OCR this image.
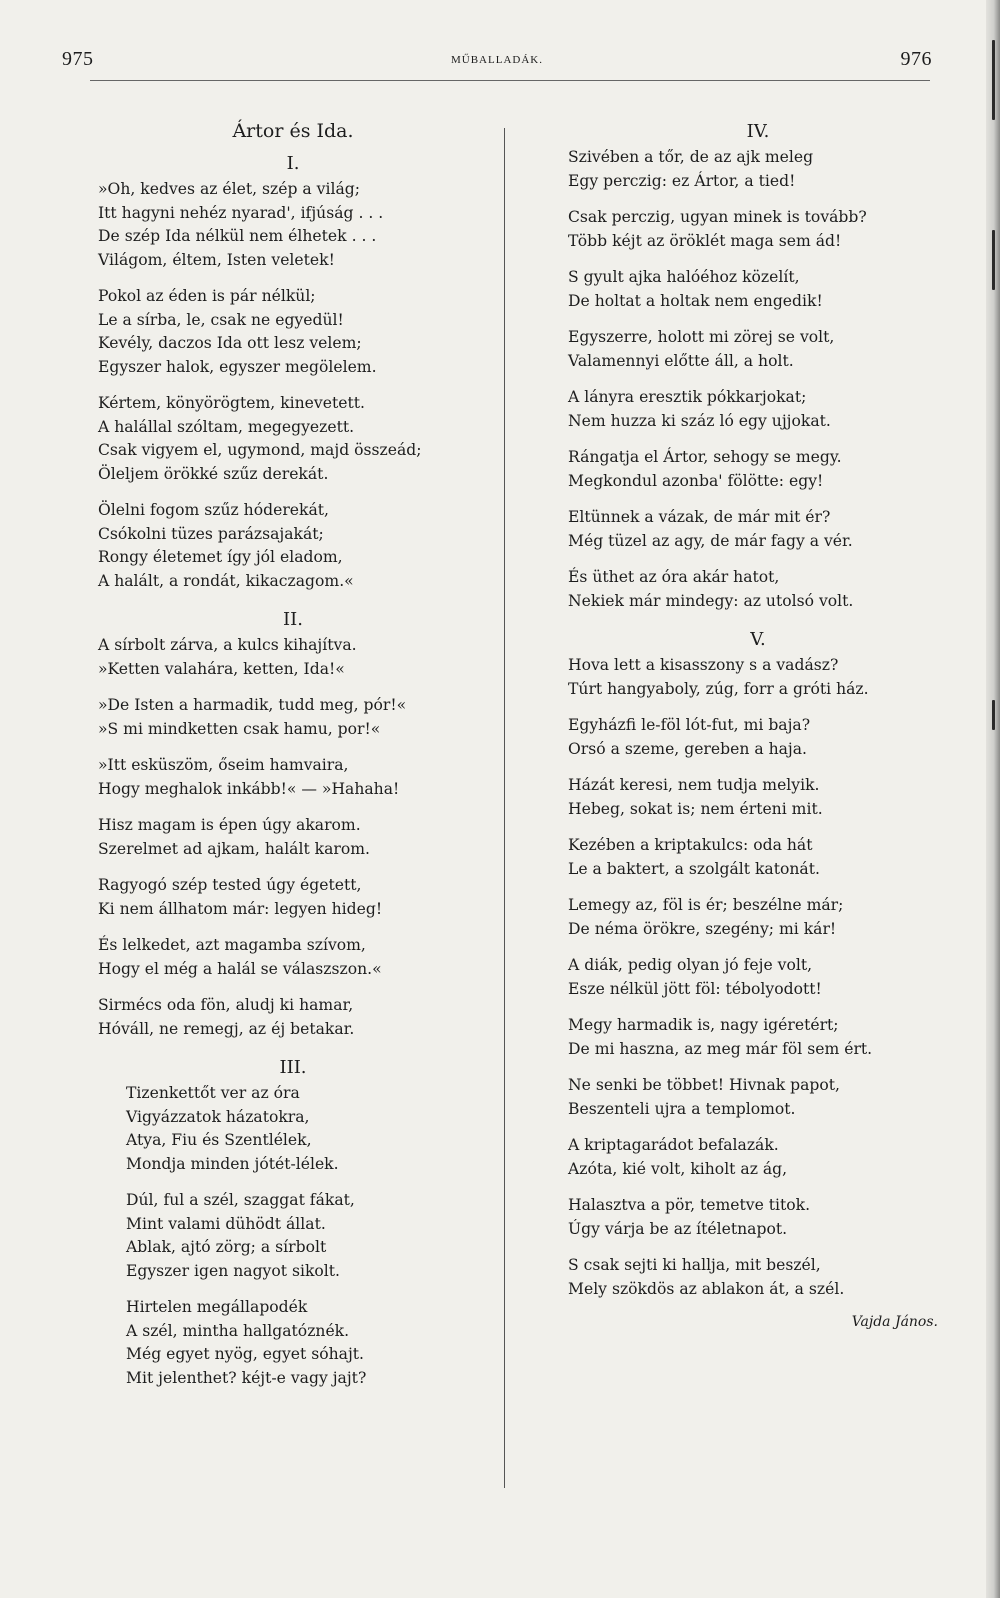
975	MŰBALLADÁK.	976
Ártor és Ida.
I.
»Oh, kedves az élet, szép a világ;
Itt hagyni nehéz nyarad', ifjúság . . .
De szép Ida nélkül nem élhetek . . .
Világom, éltem, Isten veletek!
Pokol az éden is pár nélkül;
Le a sírba, le, csak ne egyedül!
Kevély, daczos Ida ott lesz velem;
Egyszer halok, egyszer megölelem.
Kértem, könyörögtem, kinevetett.
A halállal szóltam, megegyezett.
Csak vigyem el, ugymond, majd összeád;
Öleljem örökké szűz derekát.
Ölelni fogom szűz hóderekát,
Csókolni tüzes parázsajakát;
Rongy életemet így jól eladom,
A halált, a rondát, kikaczagom.«
II.
A sírbolt zárva, a kulcs kihajítva.
»Ketten valahára, ketten, Ida!«
»De Isten a harmadik, tudd meg, pór!«
»S mi mindketten csak hamu, por!«
»Itt esküszöm, őseim hamvaira,
Hogy meghalok inkább!« — »Hahaha!
Hisz magam is épen úgy akarom.
Szerelmet ad ajkam, halált karom.
Ragyogó szép tested úgy égetett,
Ki nem állhatom már: legyen hideg!
És lelkedet, azt magamba szívom,
Hogy el még a halál se válaszszon.«
Sirmécs oda fön, aludj ki hamar,
Hóváll, ne remegj, az éj betakar.
III.
Tizenkettőt ver az óra
Vigyázzatok házatokra,
Atya, Fiu és Szentlélek,
Mondja minden jótét-lélek.
Dúl, ful a szél, szaggat fákat,
Mint valami dühödt állat.
Ablak, ajtó zörg; a sírbolt
Egyszer igen nagyot sikolt.
Hirtelen megállapodék
A szél, mintha hallgatóznék.
Még egyet nyög, egyet sóhajt.
Mit jelenthet? kéjt-e vagy jajt?
IV.
Szivében a tőr, de az ajk meleg
Egy perczig: ez Ártor, a tied!
Csak perczig, ugyan minek is tovább?
Több kéjt az öröklét maga sem ád!
S gyult ajka halóéhoz közelít,
De holtat a holtak nem engedik!
Egyszerre, holott mi zörej se volt,
Valamennyi előtte áll, a holt.
A lányra eresztik pókkarjokat;
Nem huzza ki száz ló egy ujjokat.
Rángatja el Ártor, sehogy se megy.
Megkondul azonba' fölötte: egy!
Eltünnek a vázak, de már mit ér?
Még tüzel az agy, de már fagy a vér.
És üthet az óra akár hatot,
Nekiek már mindegy: az utolsó volt.
V.
Hova lett a kisasszony s a vadász?
Túrt hangyaboly, zúg, forr a gróti ház.
Egyházfi le-föl lót-fut, mi baja?
Orsó a szeme, gereben a haja.
Házát keresi, nem tudja melyik.
Hebeg, sokat is; nem érteni mit.
Kezében a kriptakulcs: oda hát
Le a baktert, a szolgált katonát.
Lemegy az, föl is ér; beszélne már;
De néma örökre, szegény; mi kár!
A diák, pedig olyan jó feje volt,
Esze nélkül jött föl: tébolyodott!
Megy harmadik is, nagy igéretért;
De mi haszna, az meg már föl sem ért.
Ne senki be többet! Hivnak papot,
Beszenteli ujra a templomot.
A kriptagarádot befalazák.
Azóta, kié volt, kiholt az ág,
Halasztva a pör, temetve titok.
Úgy várja be az ítéletnapot.
S csak sejti ki hallja, mit beszél,
Mely szökdös az ablakon át, a szél.
Vajda János.
